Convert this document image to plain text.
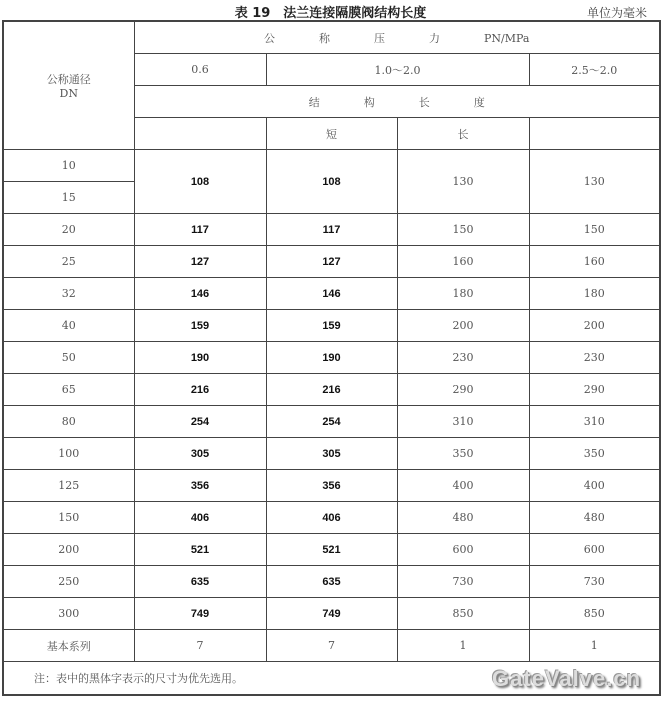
表 19　法兰连接隔膜阀结构长度	单位为毫米
公称通径
DN	公 称 压 力 PN/MPa			
	0.6	1.0～2.0		2.5～2.0
	结 构 长 度			
		短	长	
10	108	108	130	130
15				
20	117	117	150	150
25	127	127	160	160
32	146	146	180	180
40	159	159	200	200
50	190	190	230	230
65	216	216	290	290
80	254	254	310	310
100	305	305	350	350
125	356	356	400	400
150	406	406	480	480
200	521	521	600	600
250	635	635	730	730
300	749	749	850	850
基本系列	7	7	1	1
注：表中的黑体字表示的尺寸为优先选用。 GateValve.cn				
